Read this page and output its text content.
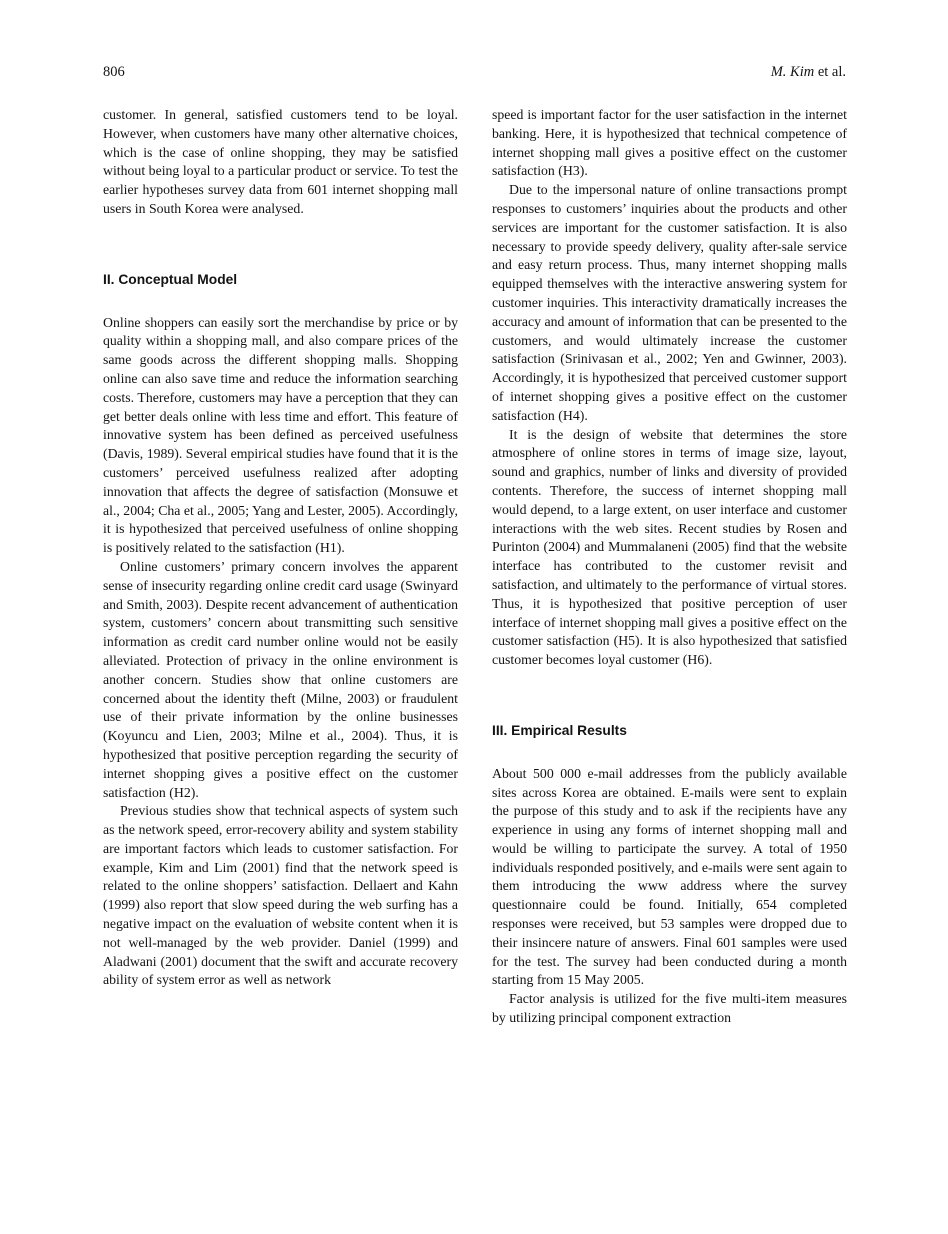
806	M. Kim et al.

customer. In general, satisfied customers tend to be loyal. However, when customers have many other alternative choices, which is the case of online shopping, they may be satisfied without being loyal to a particular product or service. To test the earlier hypotheses survey data from 601 internet shopping mall users in South Korea were analysed.

II. Conceptual Model

Online shoppers can easily sort the merchandise by price or by quality within a shopping mall, and also compare prices of the same goods across the different shopping malls. Shopping online can also save time and reduce the information searching costs. Therefore, customers may have a perception that they can get better deals online with less time and effort. This feature of innovative system has been defined as perceived usefulness (Davis, 1989). Several empirical studies have found that it is the customers’ perceived usefulness realized after adopting innovation that affects the degree of satisfaction (Monsuwe et al., 2004; Cha et al., 2005; Yang and Lester, 2005). Accordingly, it is hypothesized that perceived usefulness of online shopping is positively related to the satisfaction (H1).

Online customers’ primary concern involves the apparent sense of insecurity regarding online credit card usage (Swinyard and Smith, 2003). Despite recent advancement of authentication system, customers’ concern about transmitting such sensitive information as credit card number online would not be easily alleviated. Protection of privacy in the online environment is another concern. Studies show that online customers are concerned about the identity theft (Milne, 2003) or fraudulent use of their private information by the online businesses (Koyuncu and Lien, 2003; Milne et al., 2004). Thus, it is hypothesized that positive perception regarding the security of internet shopping gives a positive effect on the customer satisfaction (H2).

Previous studies show that technical aspects of system such as the network speed, error-recovery ability and system stability are important factors which leads to customer satisfaction. For example, Kim and Lim (2001) find that the network speed is related to the online shoppers’ satisfaction. Dellaert and Kahn (1999) also report that slow speed during the web surfing has a negative impact on the evaluation of website content when it is not well-managed by the web provider. Daniel (1999) and Aladwani (2001) document that the swift and accurate recovery ability of system error as well as network

speed is important factor for the user satisfaction in the internet banking. Here, it is hypothesized that technical competence of internet shopping mall gives a positive effect on the customer satisfaction (H3).

Due to the impersonal nature of online transactions prompt responses to customers’ inquiries about the products and other services are important for the customer satisfaction. It is also necessary to provide speedy delivery, quality after-sale service and easy return process. Thus, many internet shopping malls equipped themselves with the interactive answering system for customer inquiries. This interactivity dramatically increases the accuracy and amount of information that can be presented to the customers, and would ultimately increase the customer satisfaction (Srinivasan et al., 2002; Yen and Gwinner, 2003). Accordingly, it is hypothesized that perceived customer support of internet shopping gives a positive effect on the customer satisfaction (H4).

It is the design of website that determines the store atmosphere of online stores in terms of image size, layout, sound and graphics, number of links and diversity of provided contents. Therefore, the success of internet shopping mall would depend, to a large extent, on user interface and customer interactions with the web sites. Recent studies by Rosen and Purinton (2004) and Mummalaneni (2005) find that the website interface has contributed to the customer revisit and satisfaction, and ultimately to the performance of virtual stores. Thus, it is hypothesized that positive perception of user interface of internet shopping mall gives a positive effect on the customer satisfaction (H5). It is also hypothesized that satisfied customer becomes loyal customer (H6).

III. Empirical Results

About 500 000 e-mail addresses from the publicly available sites across Korea are obtained. E-mails were sent to explain the purpose of this study and to ask if the recipients have any experience in using any forms of internet shopping mall and would be willing to participate the survey. A total of 1950 individuals responded positively, and e-mails were sent again to them introducing the www address where the survey questionnaire could be found. Initially, 654 completed responses were received, but 53 samples were dropped due to their insincere nature of answers. Final 601 samples were used for the test. The survey had been conducted during a month starting from 15 May 2005.

Factor analysis is utilized for the five multi-item measures by utilizing principal component extraction
